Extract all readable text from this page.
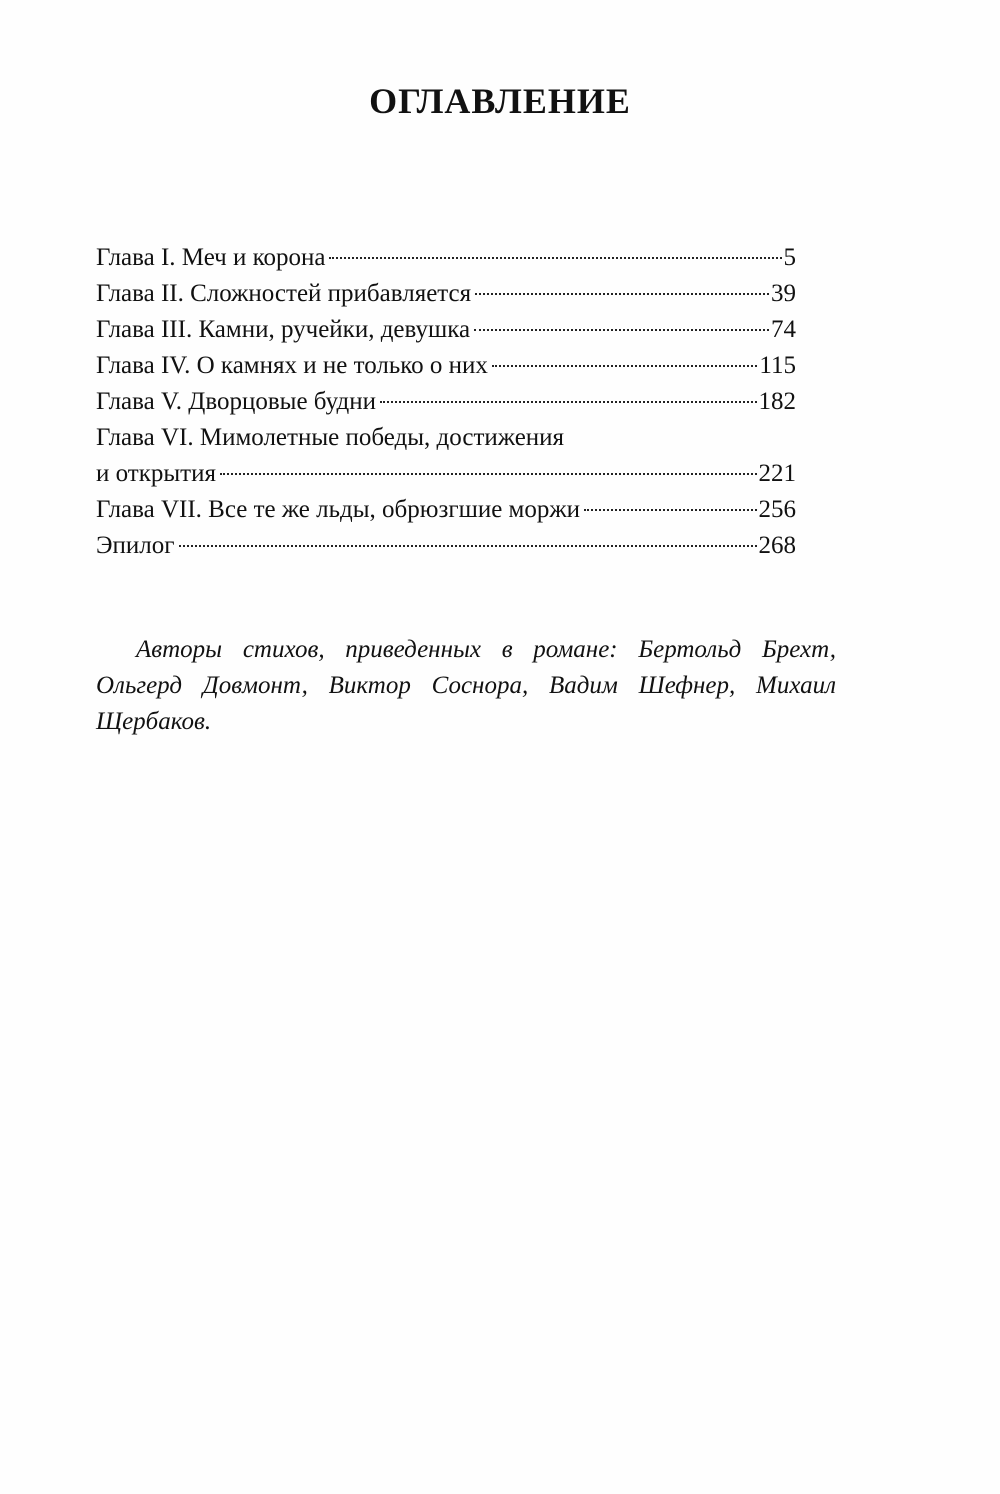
ОГЛАВЛЕНИЕ
Глава I. Меч и корона	5
Глава II. Сложностей прибавляется	39
Глава III. Камни, ручейки, девушка	74
Глава IV. О камнях и не только о них	115
Глава V. Дворцовые будни	182
Глава VI. Мимолетные победы, достижения
и открытия	221
Глава VII. Все те же льды, обрюзгшие моржи	256
Эпилог	268

Авторы стихов, приведенных в романе: Бертольд Брехт, Ольгерд Довмонт, Виктор Соснора, Вадим Шефнер, Михаил Щербаков.
